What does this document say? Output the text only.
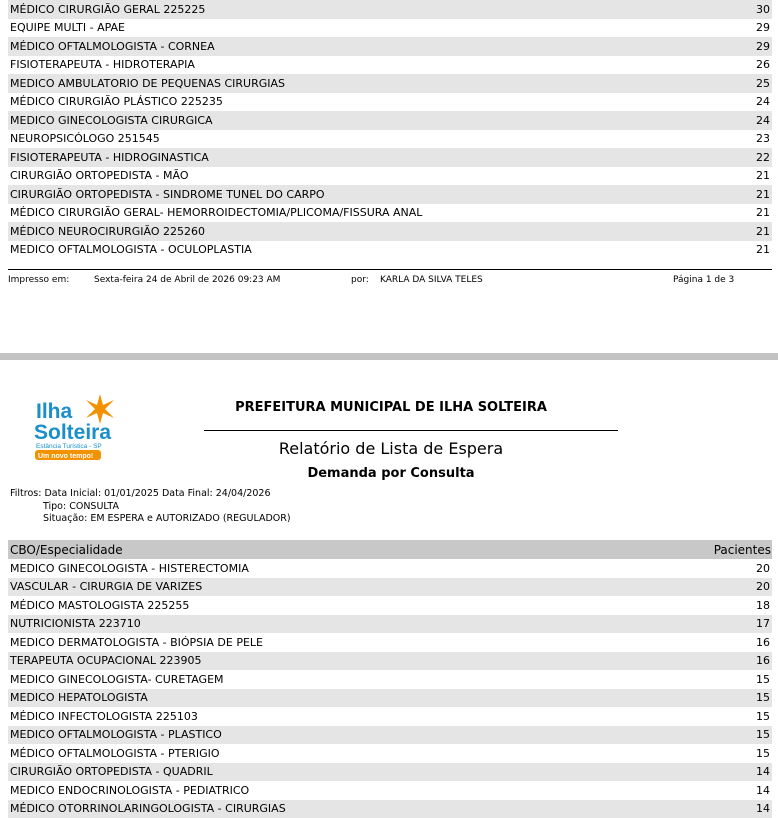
MÉDICO CIRURGIÃO GERAL 225225	30
EQUIPE MULTI - APAE	29
MÉDICO OFTALMOLOGISTA - CORNEA	29
FISIOTERAPEUTA - HIDROTERAPIA	26
MEDICO AMBULATORIO DE PEQUENAS CIRURGIAS	25
MÉDICO CIRURGIÃO PLÁSTICO 225235	24
MEDICO GINECOLOGISTA CIRURGICA	24
NEUROPSICÓLOGO 251545	23
FISIOTERAPEUTA - HIDROGINASTICA	22
CIRURGIÃO ORTOPEDISTA - MÃO	21
CIRURGIÃO ORTOPEDISTA - SINDROME TUNEL DO CARPO	21
MÉDICO CIRURGIÃO GERAL- HEMORROIDECTOMIA/PLICOMA/FISSURA ANAL	21
MÉDICO NEUROCIRURGIÃO 225260	21
MEDICO OFTALMOLOGISTA - OCULOPLASTIA	21
Impresso em:	Sexta-feira 24 de Abril de 2026 09:23 AM	por: KARLA DA SILVA TELES	Página 1 de 3
Ilha
Solteira
Estância Turística - SP
Um novo tempo!
PREFEITURA MUNICIPAL DE ILHA SOLTEIRA
Relatório de Lista de Espera
Demanda por Consulta
Filtros: Data Inicial: 01/01/2025 Data Final: 24/04/2026
Tipo: CONSULTA
Situação: EM ESPERA e AUTORIZADO (REGULADOR)
CBO/Especialidade	Pacientes
MEDICO GINECOLOGISTA - HISTERECTOMIA	20
VASCULAR - CIRURGIA DE VARIZES	20
MÉDICO MASTOLOGISTA 225255	18
NUTRICIONISTA 223710	17
MEDICO DERMATOLOGISTA - BIÓPSIA DE PELE	16
TERAPEUTA OCUPACIONAL 223905	16
MEDICO GINECOLOGISTA- CURETAGEM	15
MEDICO HEPATOLOGISTA	15
MÉDICO INFECTOLOGISTA 225103	15
MEDICO OFTALMOLOGISTA - PLASTICO	15
MÉDICO OFTALMOLOGISTA - PTERIGIO	15
CIRURGIÃO ORTOPEDISTA - QUADRIL	14
MEDICO ENDOCRINOLOGISTA - PEDIATRICO	14
MÉDICO OTORRINOLARINGOLOGISTA - CIRURGIAS	14
